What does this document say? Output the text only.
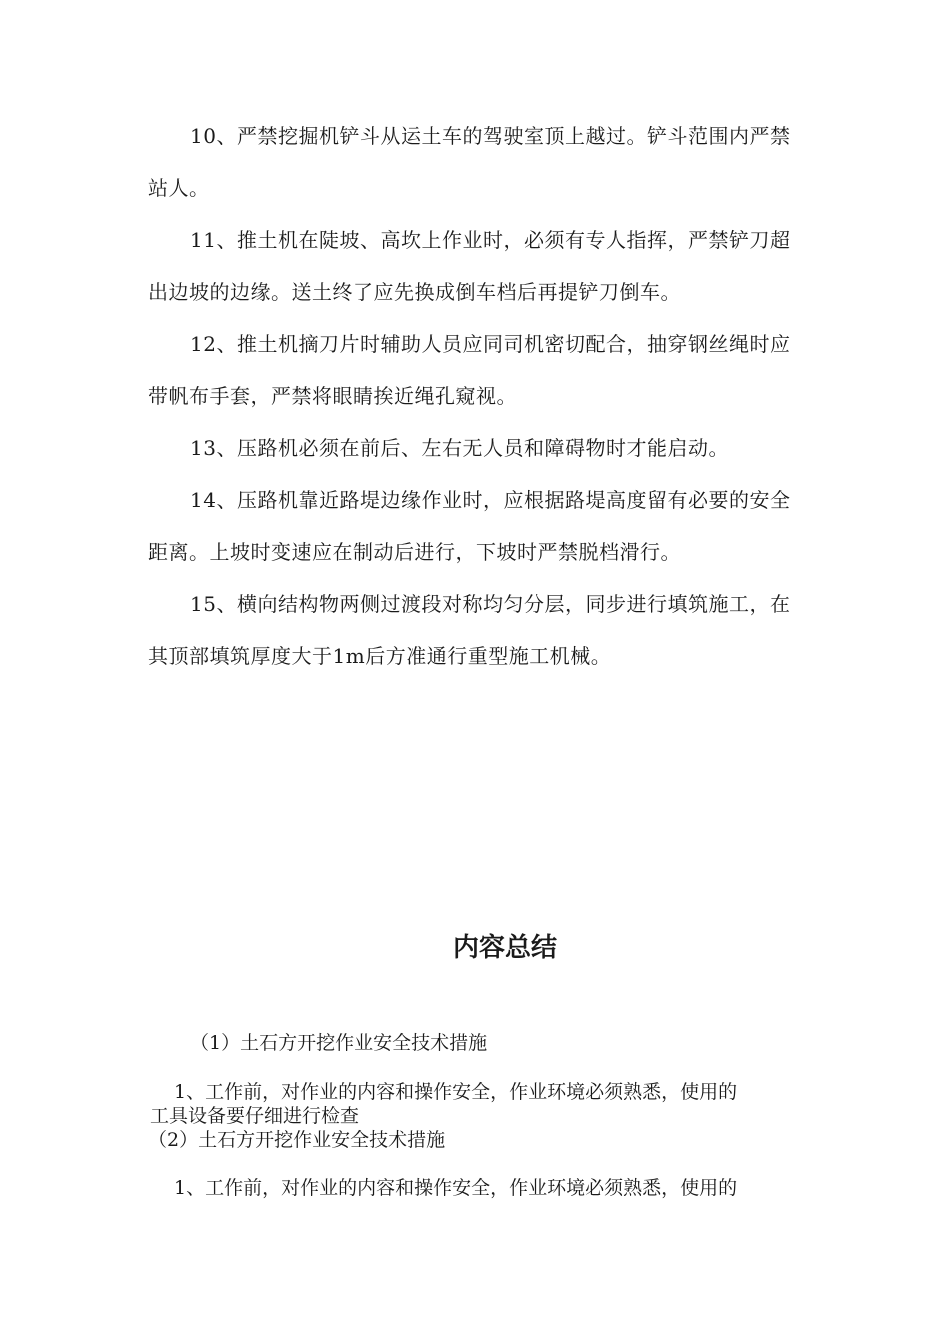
10、严禁挖掘机铲斗从运土车的驾驶室顶上越过。铲斗范围内严禁站人。

11、推土机在陡坡、高坎上作业时，必须有专人指挥，严禁铲刀超出边坡的边缘。送土终了应先换成倒车档后再提铲刀倒车。

12、推土机摘刀片时辅助人员应同司机密切配合，抽穿钢丝绳时应带帆布手套，严禁将眼睛挨近绳孔窥视。

13、压路机必须在前后、左右无人员和障碍物时才能启动。

14、压路机靠近路堤边缘作业时，应根据路堤高度留有必要的安全距离。上坡时变速应在制动后进行，下坡时严禁脱档滑行。

15、横向结构物两侧过渡段对称均匀分层，同步进行填筑施工，在其顶部填筑厚度大于1m后方准通行重型施工机械。

内容总结

（1）土石方开挖作业安全技术措施

1、工作前，对作业的内容和操作安全，作业环境必须熟悉，使用的

工具设备要仔细进行检查

（2）土石方开挖作业安全技术措施

1、工作前，对作业的内容和操作安全，作业环境必须熟悉，使用的
